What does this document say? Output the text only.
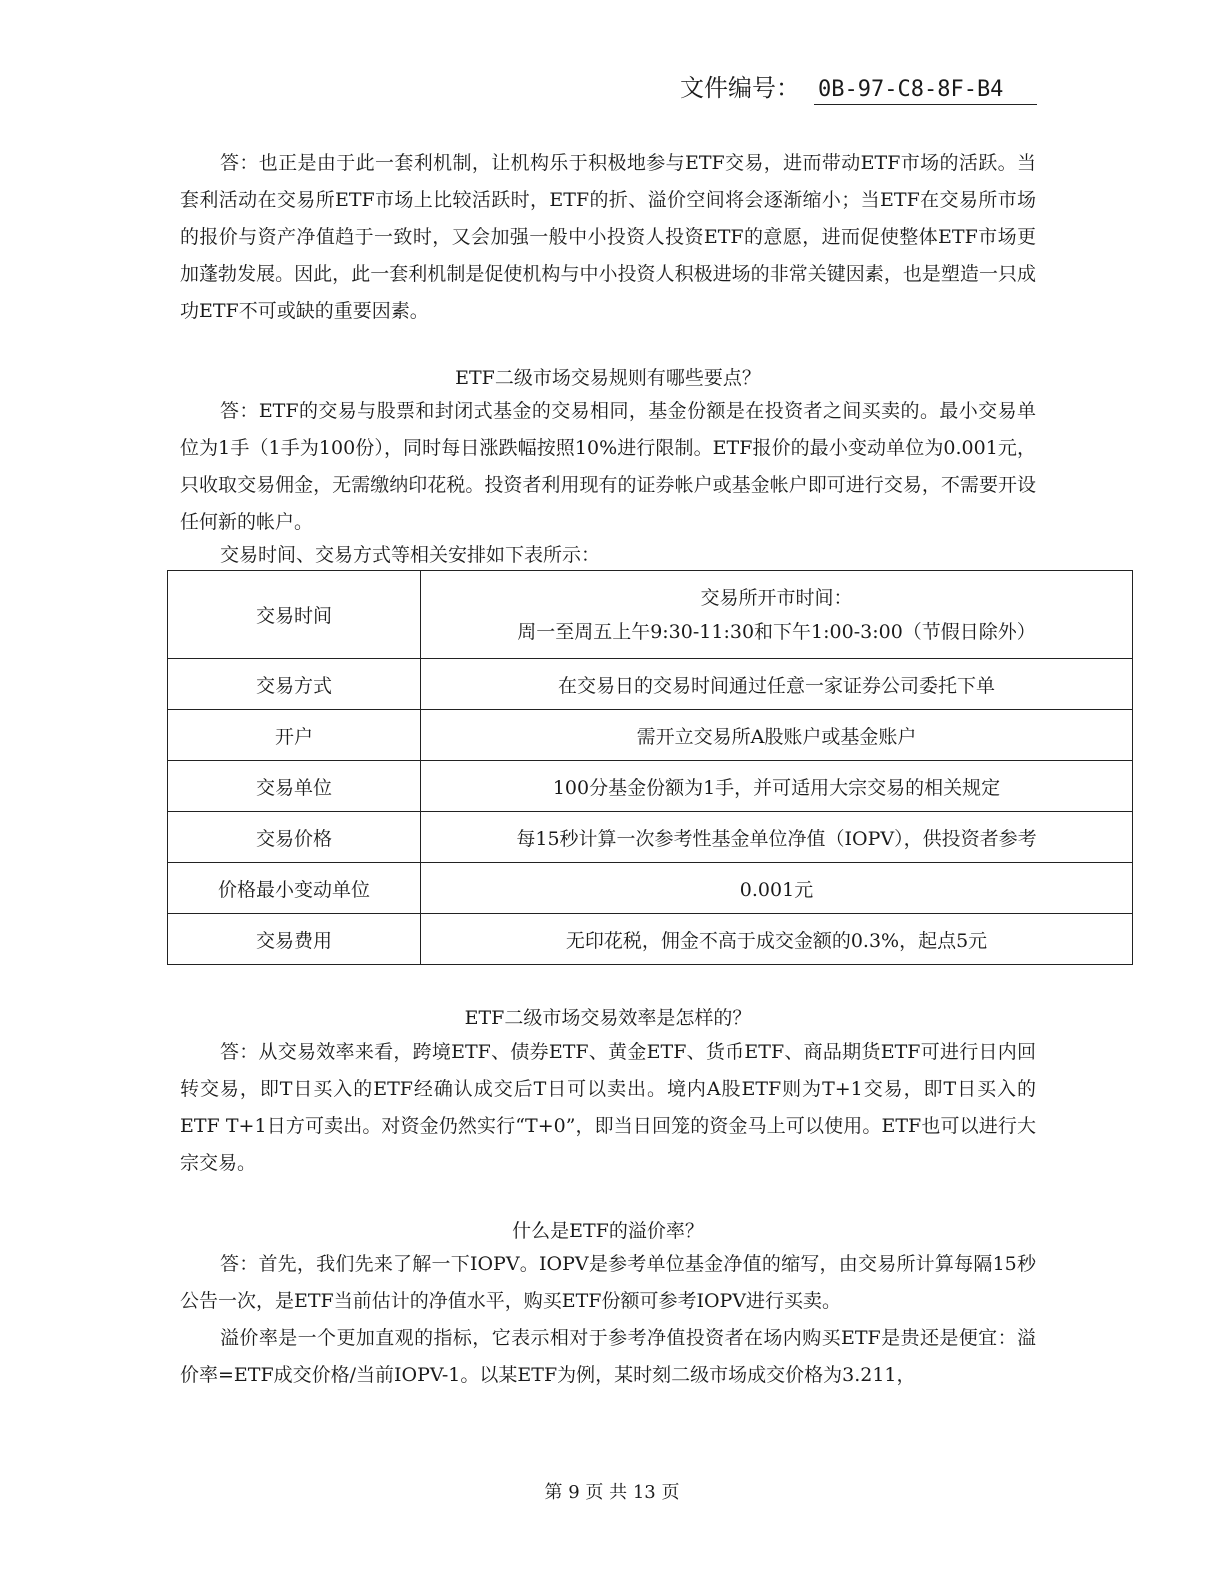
文件编号： 0B-97-C8-8F-B4

答：也正是由于此一套利机制，让机构乐于积极地参与ETF交易，进而带动ETF市场的活跃。当套利活动在交易所ETF市场上比较活跃时，ETF的折、溢价空间将会逐渐缩小；当ETF在交易所市场的报价与资产净值趋于一致时，又会加强一般中小投资人投资ETF的意愿，进而促使整体ETF市场更加蓬勃发展。因此，此一套利机制是促使机构与中小投资人积极进场的非常关键因素，也是塑造一只成功ETF不可或缺的重要因素。

ETF二级市场交易规则有哪些要点？

答：ETF的交易与股票和封闭式基金的交易相同，基金份额是在投资者之间买卖的。最小交易单位为1手（1手为100份），同时每日涨跌幅按照10%进行限制。ETF报价的最小变动单位为0.001元，只收取交易佣金，无需缴纳印花税。投资者利用现有的证券帐户或基金帐户即可进行交易，不需要开设任何新的帐户。

交易时间、交易方式等相关安排如下表所示：

交易时间	交易所开市时间：
周一至周五上午9:30-11:30和下午1:00-3:00（节假日除外）

交易方式	在交易日的交易时间通过任意一家证券公司委托下单
开户	需开立交易所A股账户或基金账户
交易单位	100分基金份额为1手，并可适用大宗交易的相关规定
交易价格	每15秒计算一次参考性基金单位净值（IOPV），供投资者参考
价格最小变动单位	0.001元
交易费用	无印花税，佣金不高于成交金额的0.3%，起点5元

ETF二级市场交易效率是怎样的？

答：从交易效率来看，跨境ETF、债券ETF、黄金ETF、货币ETF、商品期货ETF可进行日内回转交易，即T日买入的ETF经确认成交后T日可以卖出。境内A股ETF则为T+1交易，即T日买入的ETF T+1日方可卖出。对资金仍然实行“T+0”，即当日回笼的资金马上可以使用。ETF也可以进行大宗交易。

什么是ETF的溢价率？

答：首先，我们先来了解一下IOPV。IOPV是参考单位基金净值的缩写，由交易所计算每隔15秒公告一次，是ETF当前估计的净值水平，购买ETF份额可参考IOPV进行买卖。

溢价率是一个更加直观的指标，它表示相对于参考净值投资者在场内购买ETF是贵还是便宜：溢价率=ETF成交价格/当前IOPV-1。以某ETF为例，某时刻二级市场成交价格为3.211，

第 9 页 共 13 页
